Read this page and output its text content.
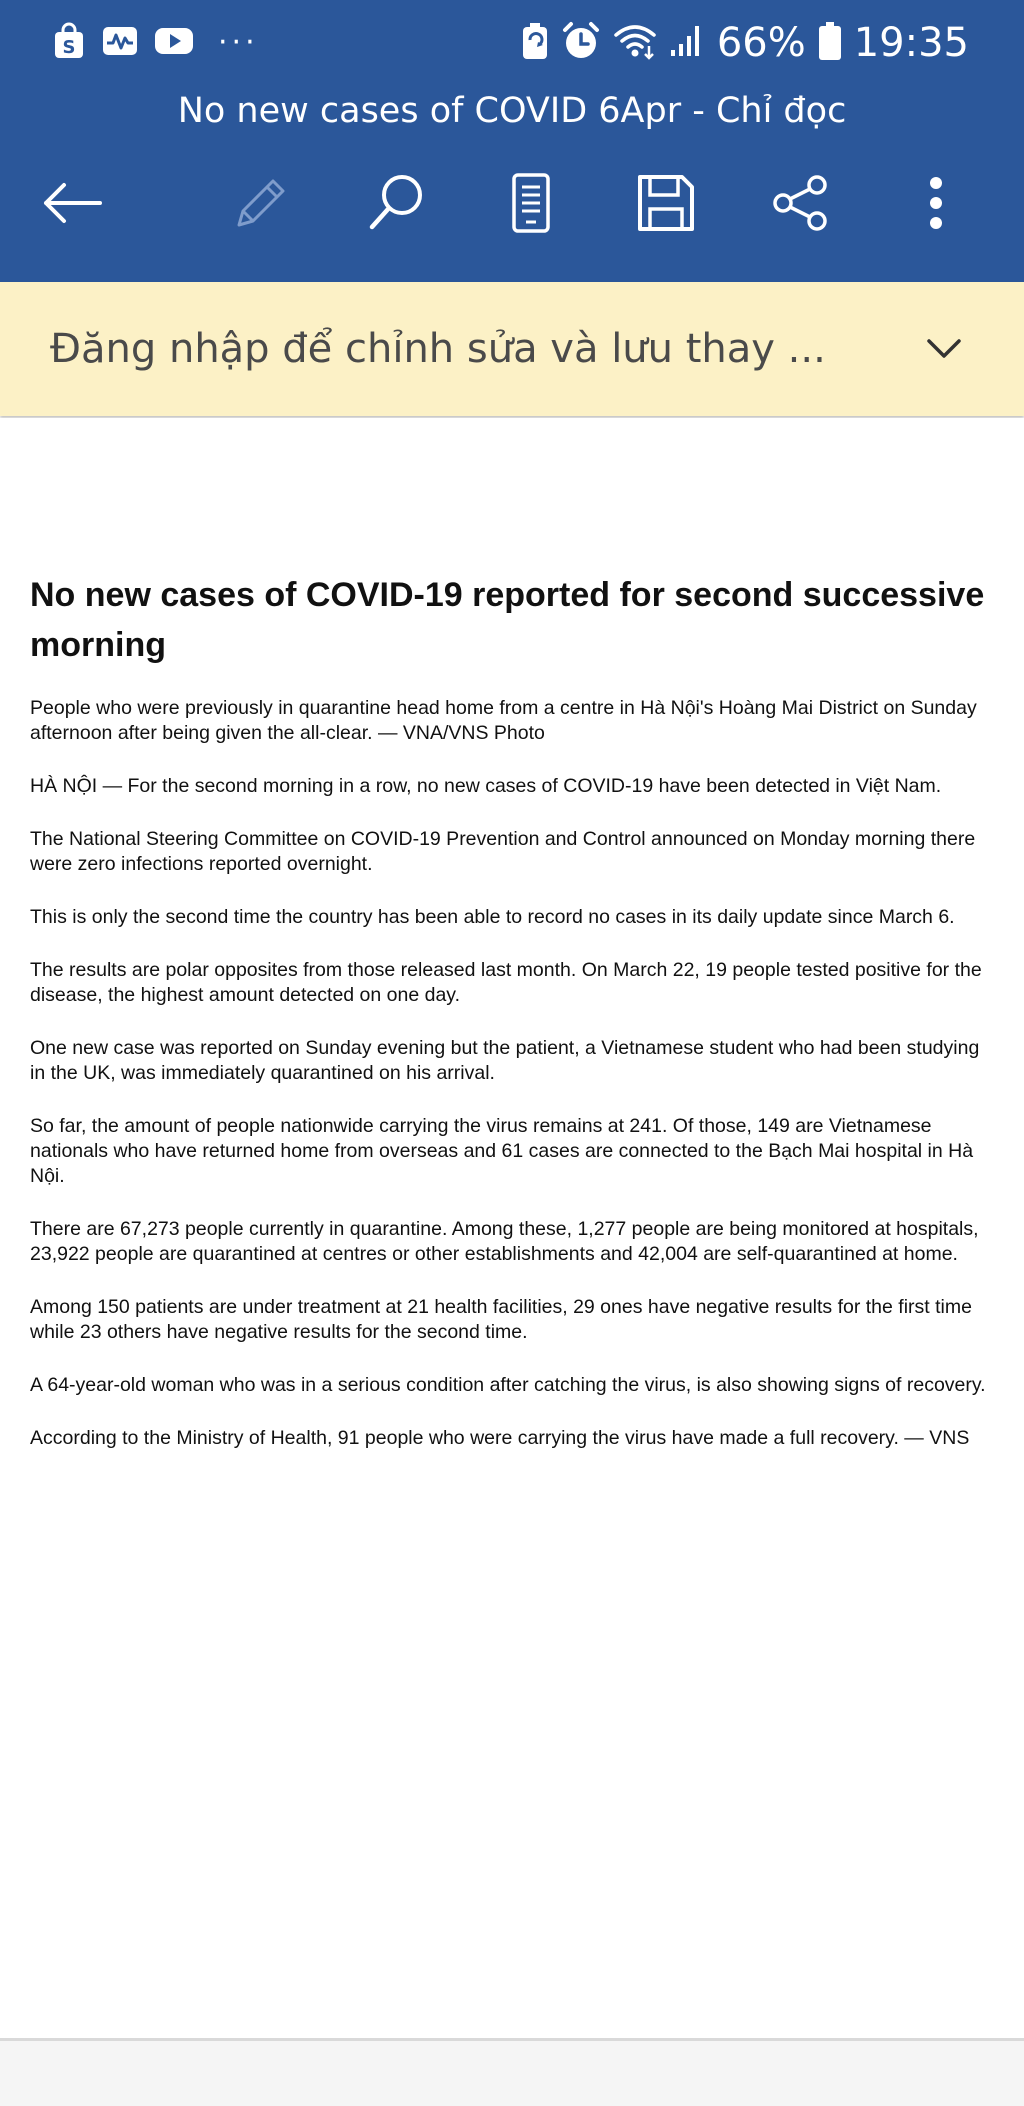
S	···	66% 19:35
No new cases of COVID 6Apr - Chỉ đọc
Đăng nhập để chỉnh sửa và lưu thay ...
No new cases of COVID-19 reported for second successive morning

People who were previously in quarantine head home from a centre in Hà Nội's Hoàng Mai District on Sunday afternoon after being given the all-clear. — VNA/VNS Photo

HÀ NỘI — For the second morning in a row, no new cases of COVID-19 have been detected in Việt Nam.

The National Steering Committee on COVID-19 Prevention and Control announced on Monday morning there were zero infections reported overnight.

This is only the second time the country has been able to record no cases in its daily update since March 6.

The results are polar opposites from those released last month. On March 22, 19 people tested positive for the disease, the highest amount detected on one day.

One new case was reported on Sunday evening but the patient, a Vietnamese student who had been studying in the UK, was immediately quarantined on his arrival.

So far, the amount of people nationwide carrying the virus remains at 241. Of those, 149 are Vietnamese nationals who have returned home from overseas and 61 cases are connected to the Bạch Mai hospital in Hà Nội.

There are 67,273 people currently in quarantine. Among these, 1,277 people are being monitored at hospitals, 23,922 people are quarantined at centres or other establishments and 42,004 are self-quarantined at home.

Among 150 patients are under treatment at 21 health facilities, 29 ones have negative results for the first time while 23 others have negative results for the second time.

A 64-year-old woman who was in a serious condition after catching the virus, is also showing signs of recovery.

According to the Ministry of Health, 91 people who were carrying the virus have made a full recovery. — VNS
